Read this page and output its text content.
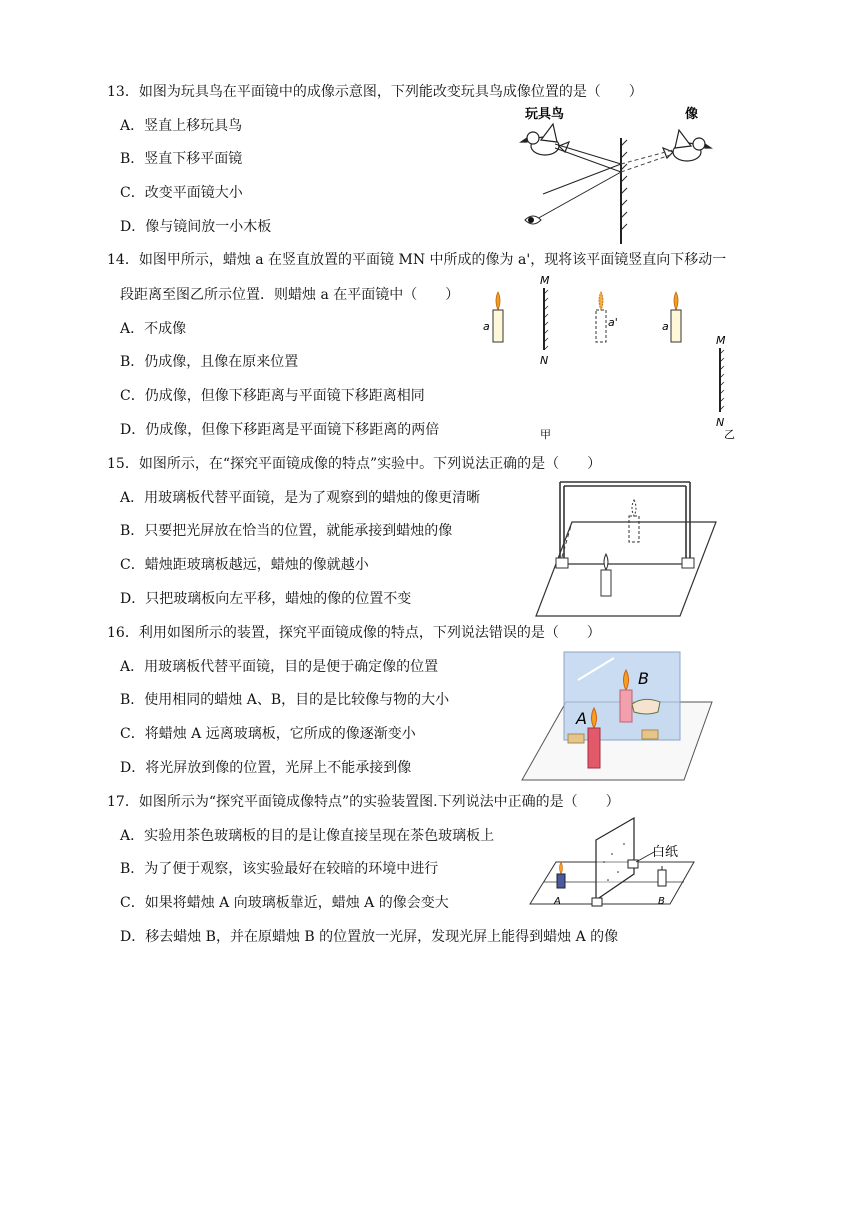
13．如图为玩具鸟在平面镜中的成像示意图，下列能改变玩具鸟成像位置的是（　　）
A．竖直上移玩具鸟
B．竖直下移平面镜
C．改变平面镜大小
D．像与镜间放一小木板
玩具鸟	像
14．如图甲所示，蜡烛 a 在竖直放置的平面镜 MN 中所成的像为 a'，现将该平面镜竖直向下移动一
段距离至图乙所示位置．则蜡烛 a 在平面镜中（　　）
A．不成像
B．仍成像，且像在原来位置
C．仍成像，但像下移距离与平面镜下移距离相同
D．仍成像，但像下移距离是平面镜下移距离的两倍
a
M
N
a'	a
M
N
乙
甲
15．如图所示，在“探究平面镜成像的特点”实验中。下列说法正确的是（　　）
A．用玻璃板代替平面镜，是为了观察到的蜡烛的像更清晰
B．只要把光屏放在恰当的位置，就能承接到蜡烛的像
C．蜡烛距玻璃板越远，蜡烛的像就越小
D．只把玻璃板向左平移，蜡烛的像的位置不变
16．利用如图所示的装置，探究平面镜成像的特点，下列说法错误的是（　　）
A．用玻璃板代替平面镜，目的是便于确定像的位置
B．使用相同的蜡烛 A、B，目的是比较像与物的大小
C．将蜡烛 A 远离玻璃板，它所成的像逐渐变小
D．将光屏放到像的位置，光屏上不能承接到像
B
A
17．如图所示为“探究平面镜成像特点”的实验装置图.下列说法中正确的是（　　）
A．实验用茶色玻璃板的目的是让像直接呈现在茶色玻璃板上
B．为了便于观察，该实验最好在较暗的环境中进行
C．如果将蜡烛 A 向玻璃板靠近，蜡烛 A 的像会变大
D．移去蜡烛 B，并在原蜡烛 B 的位置放一光屏，发现光屏上能得到蜡烛 A 的像
A	B
白纸
